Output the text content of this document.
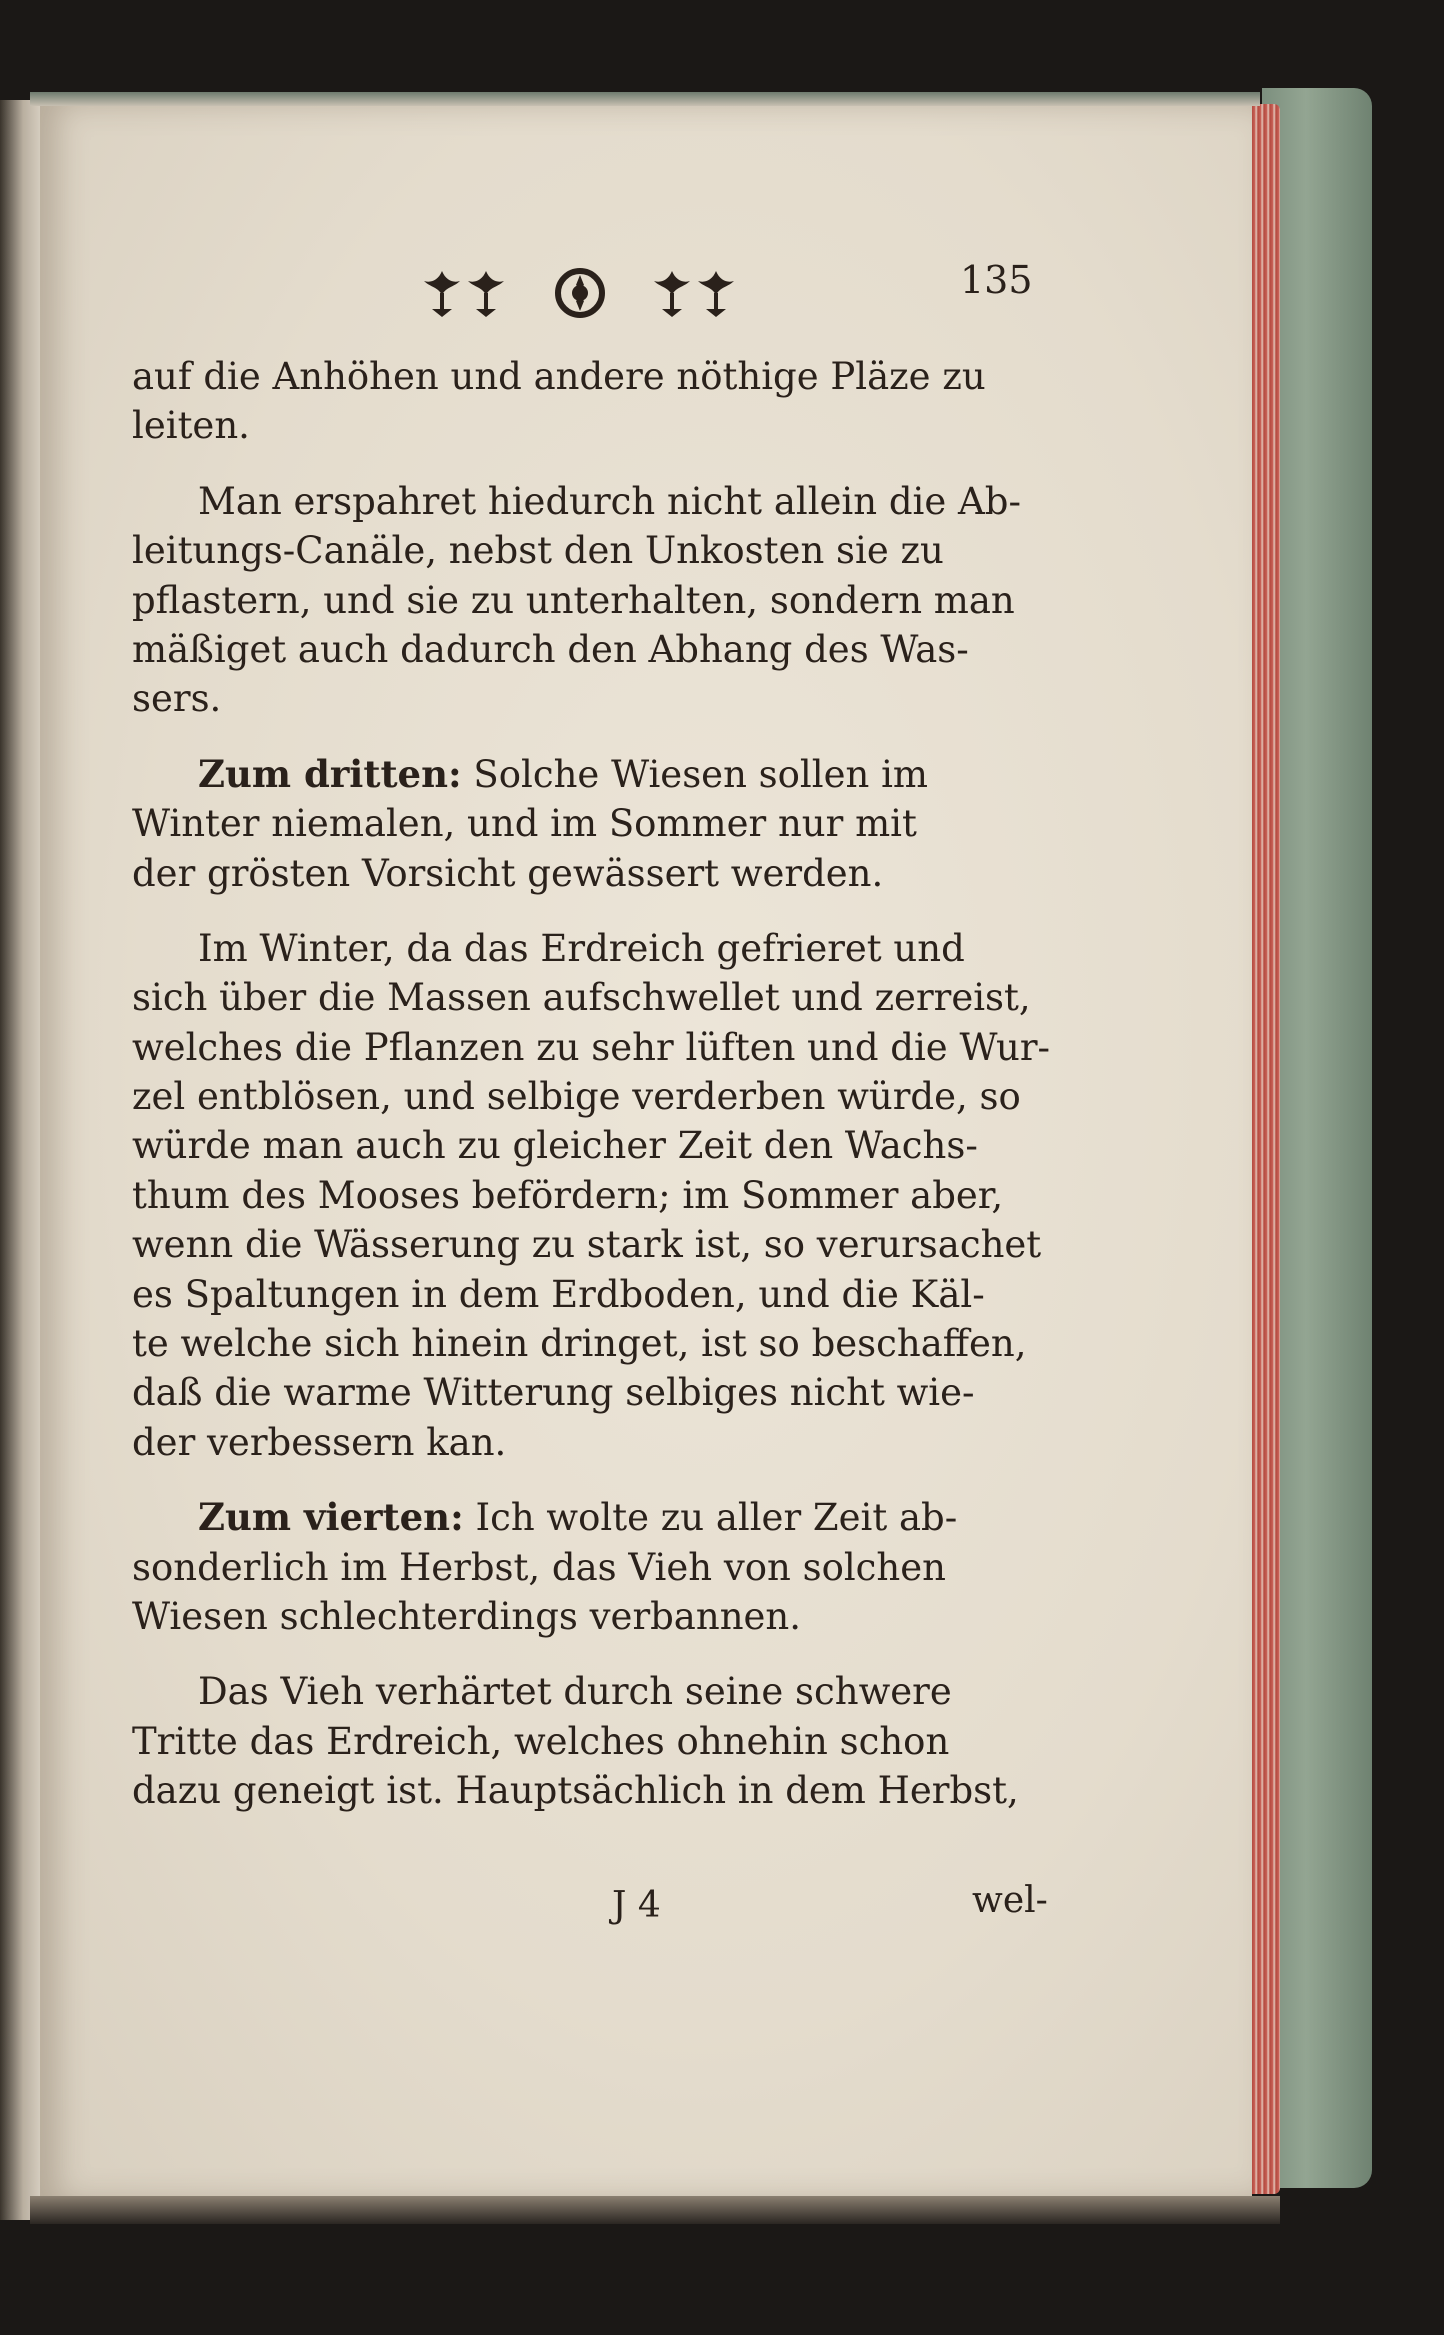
135
auf die Anhöhen und andere nöthige Pläze zu
leiten.
Man erspahret hiedurch nicht allein die Ab-
leitungs-Canäle, nebst den Unkosten sie zu
pflastern, und sie zu unterhalten, sondern man
mäßiget auch dadurch den Abhang des Was-
sers.
Zum dritten: Solche Wiesen sollen im
Winter niemalen, und im Sommer nur mit
der grösten Vorsicht gewässert werden.
Im Winter, da das Erdreich gefrieret und
sich über die Massen aufschwellet und zerreist,
welches die Pflanzen zu sehr lüften und die Wur-
zel entblösen, und selbige verderben würde, so
würde man auch zu gleicher Zeit den Wachs-
thum des Mooses befördern; im Sommer aber,
wenn die Wässerung zu stark ist, so verursachet
es Spaltungen in dem Erdboden, und die Käl-
te welche sich hinein dringet, ist so beschaffen,
daß die warme Witterung selbiges nicht wie-
der verbessern kan.
Zum vierten: Ich wolte zu aller Zeit ab-
sonderlich im Herbst, das Vieh von solchen
Wiesen schlechterdings verbannen.
Das Vieh verhärtet durch seine schwere
Tritte das Erdreich, welches ohnehin schon
dazu geneigt ist. Hauptsächlich in dem Herbst,
J 4	wel-
